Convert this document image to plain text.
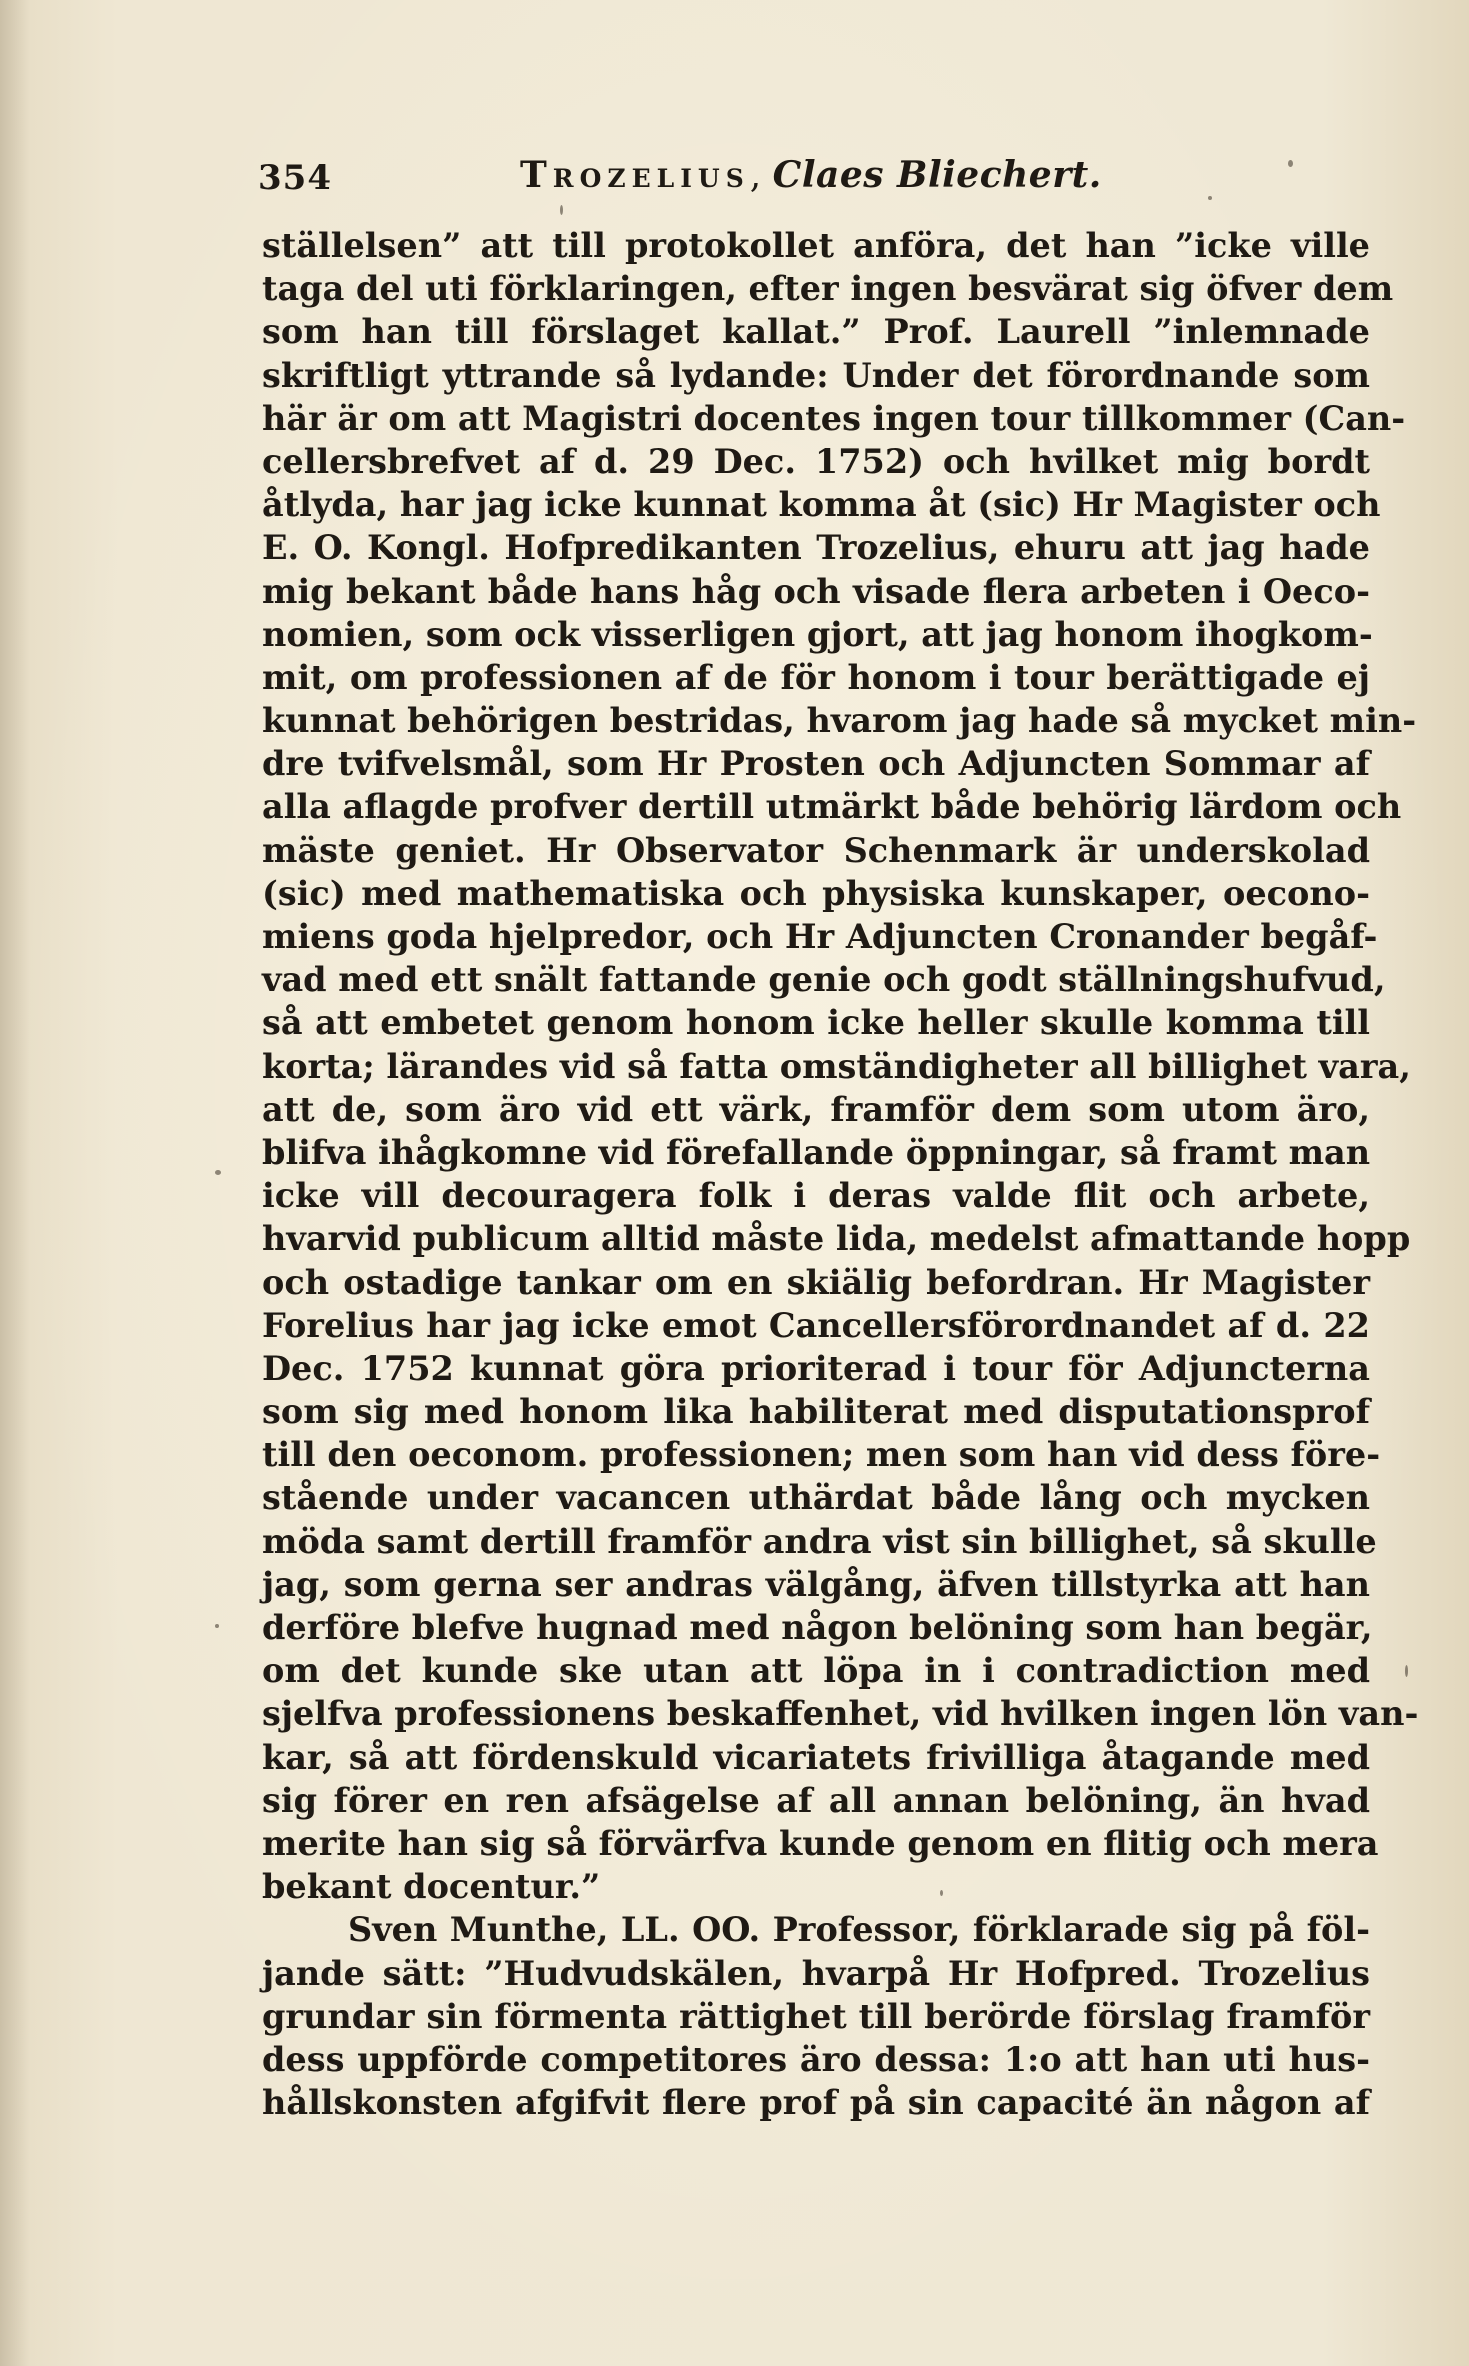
354	Trozelius, Claes Bliechert.
ställelsen” att till protokollet anföra, det han ”icke ville
taga del uti förklaringen, efter ingen besvärat sig öfver dem
som han till förslaget kallat.” Prof. Laurell ”inlemnade
skriftligt yttrande så lydande: Under det förordnande som
här är om att Magistri docentes ingen tour tillkommer (Can-
cellersbrefvet af d. 29 Dec. 1752) och hvilket mig bordt
åtlyda, har jag icke kunnat komma åt (sic) Hr Magister och
E. O. Kongl. Hofpredikanten Trozelius, ehuru att jag hade
mig bekant både hans håg och visade flera arbeten i Oeco-
nomien, som ock visserligen gjort, att jag honom ihogkom-
mit, om professionen af de för honom i tour berättigade ej
kunnat behörigen bestridas, hvarom jag hade så mycket min-
dre tvifvelsmål, som Hr Prosten och Adjuncten Sommar af
alla aflagde profver dertill utmärkt både behörig lärdom och
mäste geniet. Hr Observator Schenmark är underskolad
(sic) med mathematiska och physiska kunskaper, oecono-
miens goda hjelpredor, och Hr Adjuncten Cronander begåf-
vad med ett snält fattande genie och godt ställningshufvud,
så att embetet genom honom icke heller skulle komma till
korta; lärandes vid så fatta omständigheter all billighet vara,
att de, som äro vid ett värk, framför dem som utom äro,
blifva ihågkomne vid förefallande öppningar, så framt man
icke vill decouragera folk i deras valde flit och arbete,
hvarvid publicum alltid måste lida, medelst afmattande hopp
och ostadige tankar om en skiälig befordran. Hr Magister
Forelius har jag icke emot Cancellersförordnandet af d. 22
Dec. 1752 kunnat göra prioriterad i tour för Adjuncterna
som sig med honom lika habiliterat med disputationsprof
till den oeconom. professionen; men som han vid dess före-
stående under vacancen uthärdat både lång och mycken
möda samt dertill framför andra vist sin billighet, så skulle
jag, som gerna ser andras välgång, äfven tillstyrka att han
derföre blefve hugnad med någon belöning som han begär,
om det kunde ske utan att löpa in i contradiction med
sjelfva professionens beskaffenhet, vid hvilken ingen lön van-
kar, så att fördenskuld vicariatets frivilliga åtagande med
sig förer en ren afsägelse af all annan belöning, än hvad
merite han sig så förvärfva kunde genom en flitig och mera
bekant docentur.”
Sven Munthe, LL. OO. Professor, förklarade sig på föl-
jande sätt: ”Hudvudskälen, hvarpå Hr Hofpred. Trozelius
grundar sin förmenta rättighet till berörde förslag framför
dess uppförde competitores äro dessa: 1:o att han uti hus-
hållskonsten afgifvit flere prof på sin capacité än någon af
